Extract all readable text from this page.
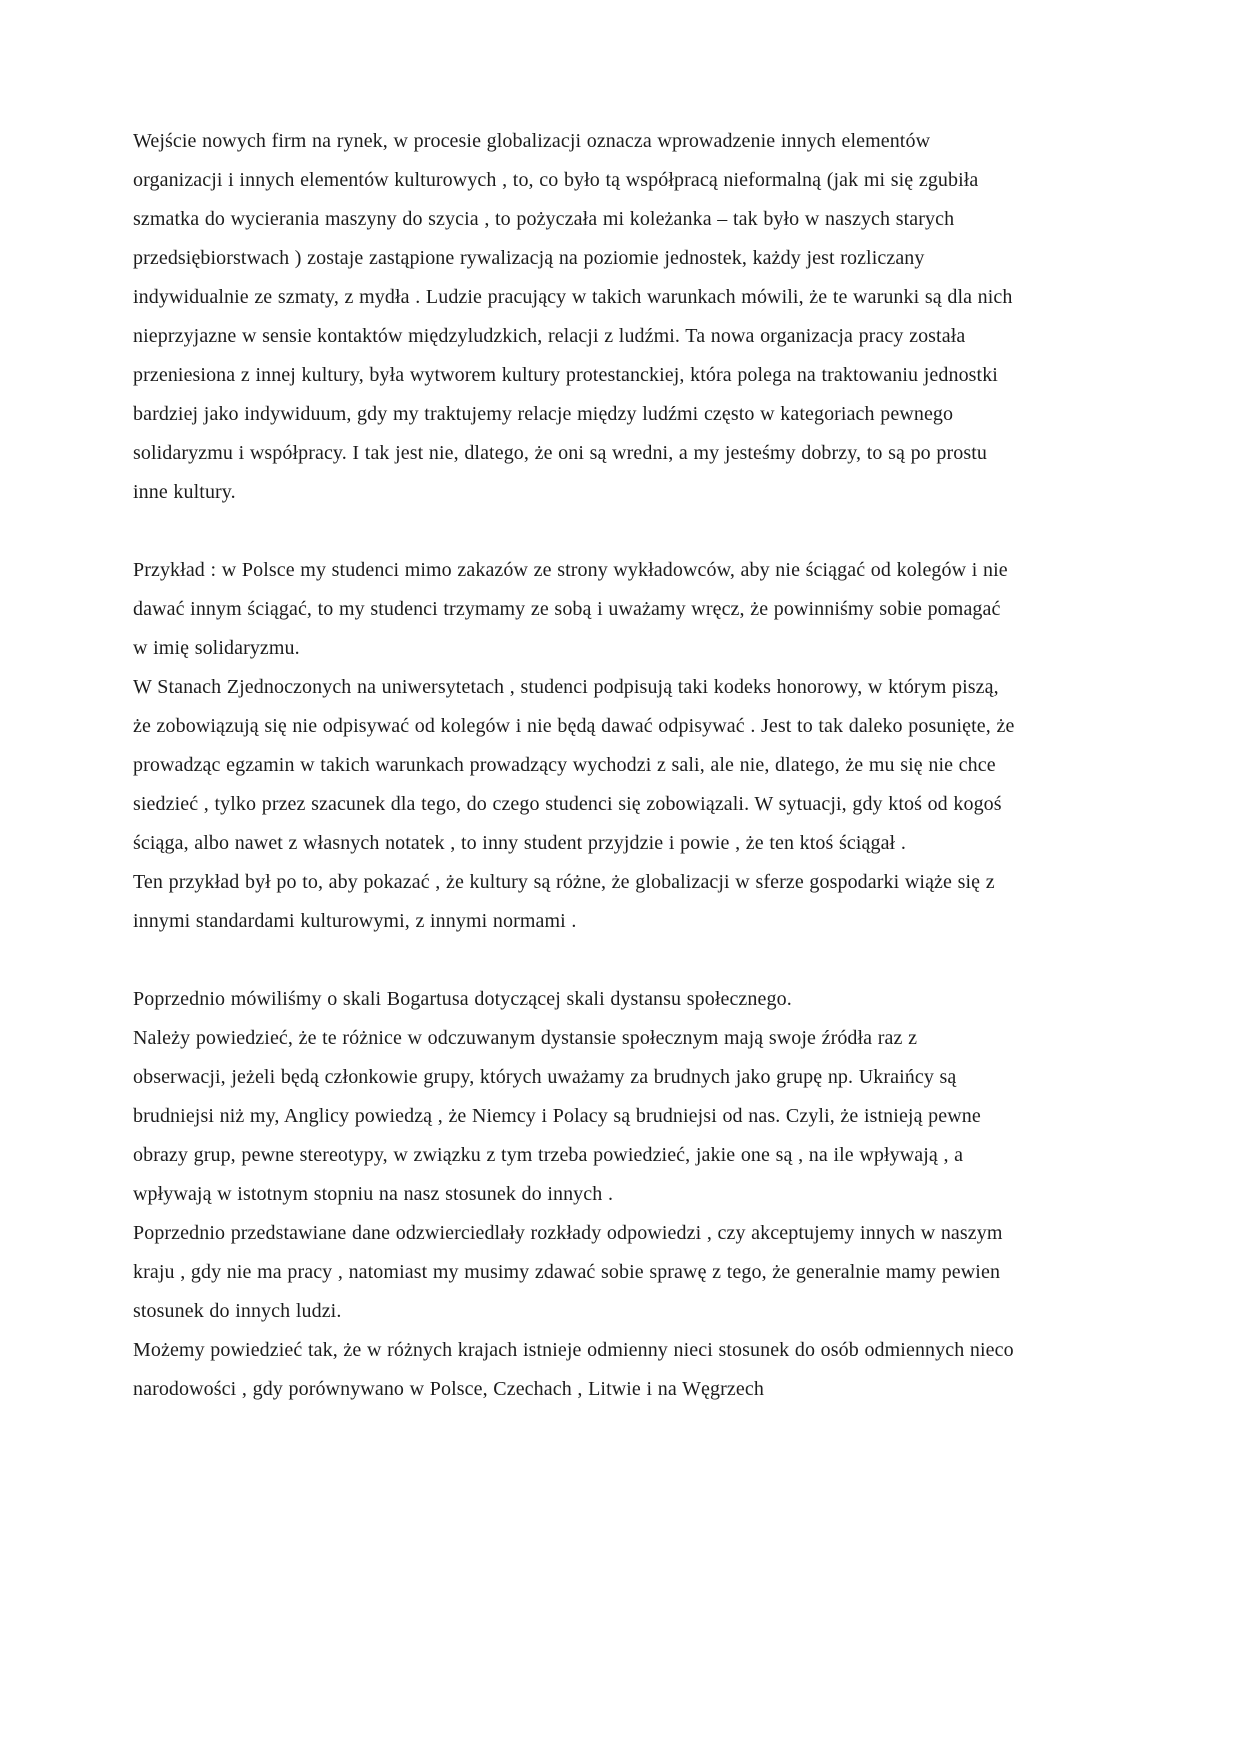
Wejście nowych firm na rynek, w procesie globalizacji oznacza wprowadzenie innych elementów organizacji i innych elementów kulturowych , to, co było tą współpracą nieformalną (jak mi się zgubiła szmatka do wycierania maszyny do szycia , to pożyczała mi koleżanka – tak było w naszych starych przedsiębiorstwach ) zostaje zastąpione rywalizacją na poziomie jednostek, każdy jest rozliczany indywidualnie ze szmaty, z mydła . Ludzie pracujący w takich warunkach mówili, że te warunki są dla nich nieprzyjazne w sensie kontaktów międzyludzkich, relacji z ludźmi. Ta nowa organizacja pracy została przeniesiona z innej kultury, była wytworem kultury protestanckiej, która polega na traktowaniu jednostki bardziej jako indywiduum, gdy my traktujemy relacje między ludźmi często w kategoriach pewnego solidaryzmu i współpracy. I tak jest nie, dlatego, że oni są wredni, a my jesteśmy dobrzy, to są po prostu inne kultury.

Przykład : w Polsce my studenci mimo zakazów ze strony wykładowców, aby nie ściągać od kolegów i nie dawać innym ściągać, to my studenci trzymamy ze sobą i uważamy wręcz, że powinniśmy sobie pomagać w imię solidaryzmu.

W Stanach Zjednoczonych na uniwersytetach , studenci podpisują taki kodeks honorowy, w którym piszą, że zobowiązują się nie odpisywać od kolegów i nie będą dawać odpisywać . Jest to tak daleko posunięte, że prowadząc egzamin w takich warunkach prowadzący wychodzi z sali, ale nie, dlatego, że mu się nie chce siedzieć , tylko przez szacunek dla tego, do czego studenci się zobowiązali. W sytuacji, gdy ktoś od kogoś ściąga, albo nawet z własnych notatek , to inny student przyjdzie i powie , że ten ktoś ściągał .

Ten przykład był po to, aby pokazać , że kultury są różne, że globalizacji w sferze gospodarki wiąże się z innymi standardami kulturowymi, z innymi normami .

Poprzednio mówiliśmy o skali Bogartusa dotyczącej skali dystansu społecznego.

Należy powiedzieć, że te różnice w odczuwanym dystansie społecznym mają swoje źródła raz z obserwacji, jeżeli będą członkowie grupy, których uważamy za brudnych jako grupę np. Ukraińcy są brudniejsi niż my, Anglicy powiedzą , że Niemcy i Polacy są brudniejsi od nas. Czyli, że istnieją pewne obrazy grup, pewne stereotypy, w związku z tym trzeba powiedzieć, jakie one są , na ile wpływają , a wpływają w istotnym stopniu na nasz stosunek do innych .

Poprzednio przedstawiane dane odzwierciedlały rozkłady odpowiedzi , czy akceptujemy innych w naszym kraju , gdy nie ma pracy , natomiast my musimy zdawać sobie sprawę z tego, że generalnie mamy pewien stosunek do innych ludzi.

Możemy powiedzieć tak, że w różnych krajach istnieje odmienny nieci stosunek do osób odmiennych nieco narodowości , gdy porównywano w Polsce, Czechach , Litwie i na Węgrzech
